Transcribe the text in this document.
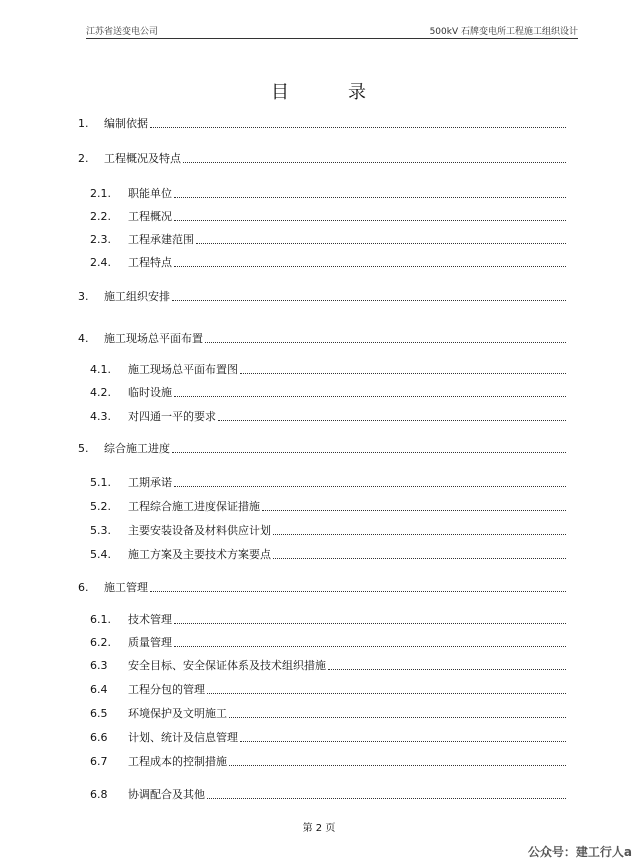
江苏省送变电公司	500kV 石牌变电所工程施工组织设计
目	录
1.	编制依据
2.	工程概况及特点
2.1.	职能单位
2.2.	工程概况
2.3.	工程承建范围
2.4.	工程特点
3.	施工组织安排
4.	施工现场总平面布置
4.1.	施工现场总平面布置图
4.2.	临时设施
4.3.	对四通一平的要求
5.	综合施工进度
5.1.	工期承诺
5.2.	工程综合施工进度保证措施
5.3.	主要安装设备及材料供应计划
5.4.	施工方案及主要技术方案要点
6.	施工管理
6.1.	技术管理
6.2.	质量管理
6.3	安全目标、安全保证体系及技术组织措施
6.4	工程分包的管理
6.5	环境保护及文明施工
6.6	计划、统计及信息管理
6.7	工程成本的控制措施
6.8	协调配合及其他
第 2 页
公众号：建工行人a
